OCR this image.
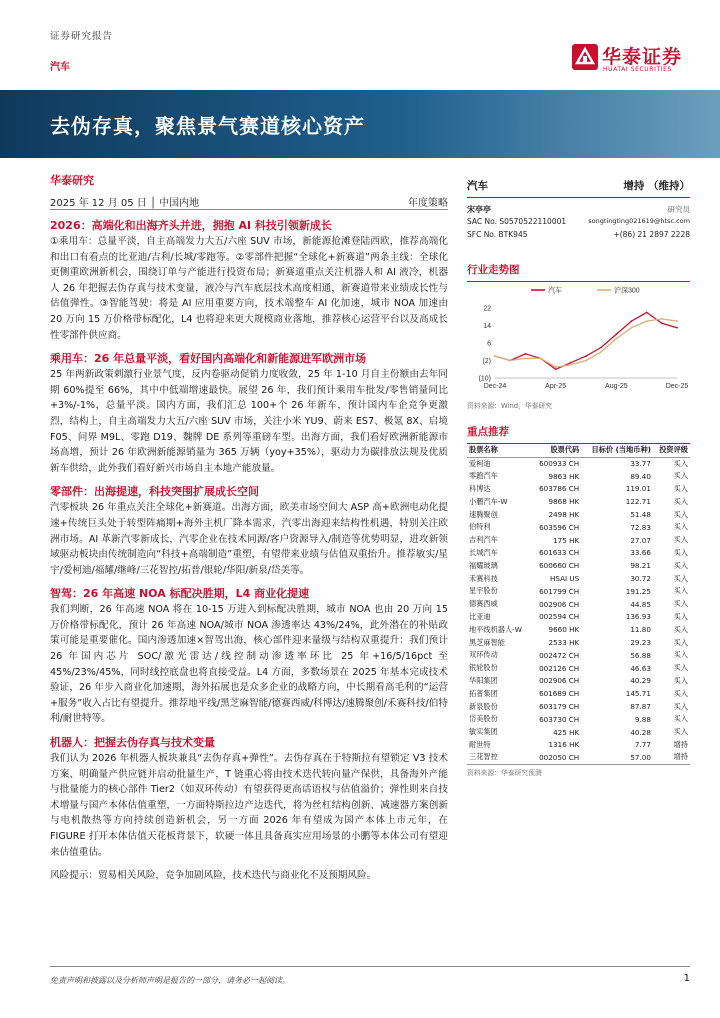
证券研究报告
汽车	华泰证券
HUATAI SECURITIES
去伪存真，聚焦景气赛道核心资产
华泰研究
2025 年 12 月 05 日 │ 中国内地	年度策略
2026：高端化和出海齐头并进，拥抱 AI 科技引领新成长
①乘用车：总量平淡，自主高端发力大五/六座 SUV 市场，新能源抢滩登陆西欧，推荐高端化和出口有看点的比亚迪/吉利/长城/零跑等。②零部件把握“全球化+新赛道”两条主线：全球化更侧重欧洲新机会，围绕订单与产能进行投资布局；新赛道重点关注机器人和 AI 液冷，机器人 26 年把握去伪存真与技术变量，液冷与汽车底层技术高度相通，新赛道带来业绩成长性与估值弹性。③智能驾驶：将是 AI 应用重要方向，技术端整车 AI 化加速，城市 NOA 加速由 20 万向 15 万价格带标配化，L4 也将迎来更大规模商业落地，推荐核心运营平台以及高成长性零部件供应商。
乘用车：26 年总量平淡，看好国内高端化和新能源进军欧洲市场
25 年两新政策刺激行业景气度，反内卷驱动促销力度收敛，25 年 1-10 月自主份额由去年同期 60%提至 66%，其中中低端增速最快。展望 26 年，我们预计乘用车批发/零售销量同比+3%/-1%，总量平淡。国内方面，我们汇总 100+个 26 年新车，预计国内车企竞争更激烈，结构上，自主高端发力大五/六座 SUV 市场，关注小米 YU9、蔚来 ES7、极氪 8X、启境 F05、问界 M9L、零跑 D19、魏牌 DE 系列等重磅车型。出海方面，我们看好欧洲新能源市场高增，预计 26 年欧洲新能源销量为 365 万辆（yoy+35%），驱动力为碳排放法规及优质新车供给，此外我们看好新兴市场自主本地产能放量。
零部件：出海提速，科技突围扩展成长空间
汽零板块 26 年重点关注全球化+新赛道。出海方面，欧美市场空间大 ASP 高+欧洲电动化提速+传统巨头处于转型阵痛期+海外主机厂降本需求，汽零出海迎来结构性机遇，特别关注欧洲市场。AI 革新汽零新成长，汽零企业在技术同源/客户资源导入/制造等优势明显，进攻新领域驱动板块由传统制造向“科技+高端制造”重塑，有望带来业绩与估值双重抬升。推荐敏实/星宇/爱柯迪/福耀/继峰/三花智控/拓普/银轮/华阳/新泉/岱美等。
智驾：26 年高速 NOA 标配决胜期，L4 商业化提速
我们判断，26 年高速 NOA 将在 10-15 万进入到标配决胜期，城市 NOA 也由 20 万向 15 万价格带标配化，预计 26 年高速 NOA/城市 NOA 渗透率达 43%/24%，此外潜在的补贴政策可能是重要催化。国内渗透加速×智驾出海，核心部件迎来量级与结构双重提升：我们预计 26 年国内芯片 SOC/激光雷达/线控制动渗透率环比 25 年+16/5/16pct 至 45%/23%/45%，同时线控底盘也将直接受益。L4 方面，多数场景在 2025 年基本完成技术验证，26 年步入商业化加速期，海外拓展也是众多企业的战略方向，中长期看高毛利的“运营+服务”收入占比有望提升。推荐地平线/黑芝麻智能/德赛西威/科博达/速腾聚创/禾赛科技/伯特利/耐世特等。
机器人：把握去伪存真与技术变量
我们认为 2026 年机器人板块兼具“去伪存真+弹性”。去伪存真在于特斯拉有望锁定 V3 技术方案、明确量产供应链并启动批量生产，T 链重心将由技术迭代转向量产保供，具备海外产能与批量能力的核心部件 Tier2（如双环传动）有望获得更高话语权与估值溢价；弹性则来自技术增量与国产本体估值重塑，一方面特斯拉边产边迭代，将为丝杠结构创新、减速器方案创新与电机散热等方向持续创造新机会，另一方面 2026 年有望成为国产本体上市元年，在 FIGURE 打开本体估值天花板背景下，软硬一体且具备真实应用场景的小鹏等本体公司有望迎来估值重估。
风险提示：贸易相关风险，竞争加剧风险，技术迭代与商业化不及预期风险。
汽车	增持 （维持）
宋亭亭	研究员
SAC No. S0570522110001	songtingting021619@htsc.com
SFC No. BTK945	+(86) 21 2897 2228
行业走势图
22
14
6
(2)
(10)
Dec-24	Apr-25	Aug-25	Dec-25
汽车	沪深300
资料来源：Wind，华泰研究
重点推荐
股票名称	股票代码	目标价 (当地币种)	投资评级
爱柯迪	600933 CH	33.77	买入
零跑汽车	9863 HK	89.40	买入
科博达	603786 CH	119.01	买入
小鹏汽车-W	9868 HK	122.71	买入
速腾聚创	2498 HK	51.48	买入
伯特利	603596 CH	72.83	买入
吉利汽车	175 HK	27.07	买入
长城汽车	601633 CH	33.66	买入
福耀玻璃	600660 CH	98.21	买入
禾赛科技	HSAI US	30.72	买入
星宇股份	601799 CH	191.25	买入
德赛西威	002906 CH	44.85	买入
比亚迪	002594 CH	136.93	买入
地平线机器人-W	9660 HK	11.80	买入
黑芝麻智能	2533 HK	29.23	买入
双环传动	002472 CH	56.88	买入
银轮股份	002126 CH	46.63	买入
华阳集团	002906 CH	40.29	买入
拓普集团	601689 CH	145.71	买入
新泉股份	603179 CH	87.87	买入
岱美股份	603730 CH	9.88	买入
敏实集团	425 HK	40.28	买入
耐世特	1316 HK	7.77	增持
三花智控	002050 CH	57.00	增持
资料来源：华泰研究预测
免责声明和披露以及分析师声明是报告的一部分，请务必一起阅读。	1
